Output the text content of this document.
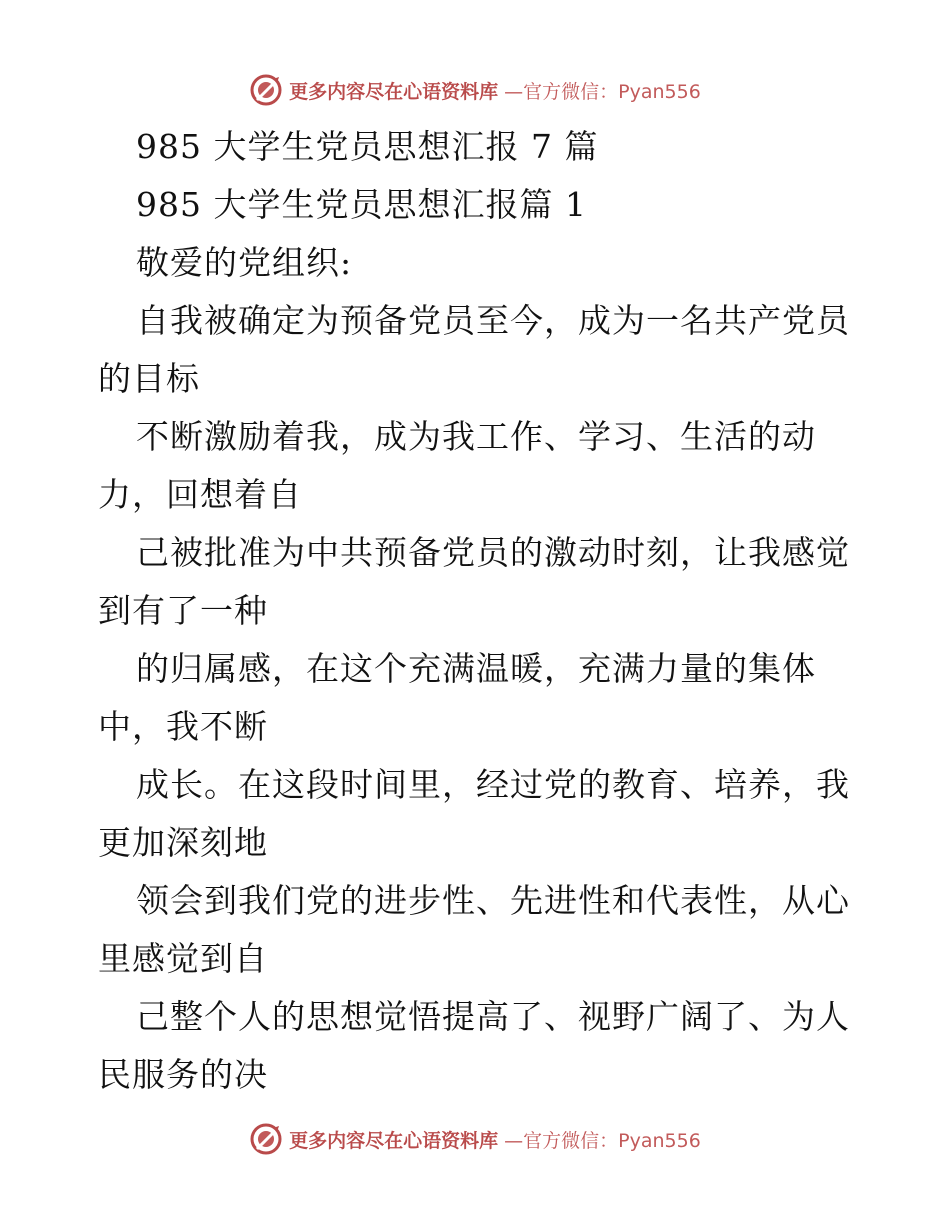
更多内容尽在心语资料库 —官方微信：Pyan556
985 大学生党员思想汇报 7 篇
985 大学生党员思想汇报篇 1
敬爱的党组织:
自我被确定为预备党员至今，成为一名共产党员
的目标
不断激励着我，成为我工作、学习、生活的动
力，回想着自
己被批准为中共预备党员的激动时刻，让我感觉
到有了一种
的归属感，在这个充满温暖，充满力量的集体
中，我不断
成长。在这段时间里，经过党的教育、培养，我
更加深刻地
领会到我们党的进步性、先进性和代表性，从心
里感觉到自
己整个人的思想觉悟提高了、视野广阔了、为人
民服务的决
更多内容尽在心语资料库 —官方微信：Pyan556
